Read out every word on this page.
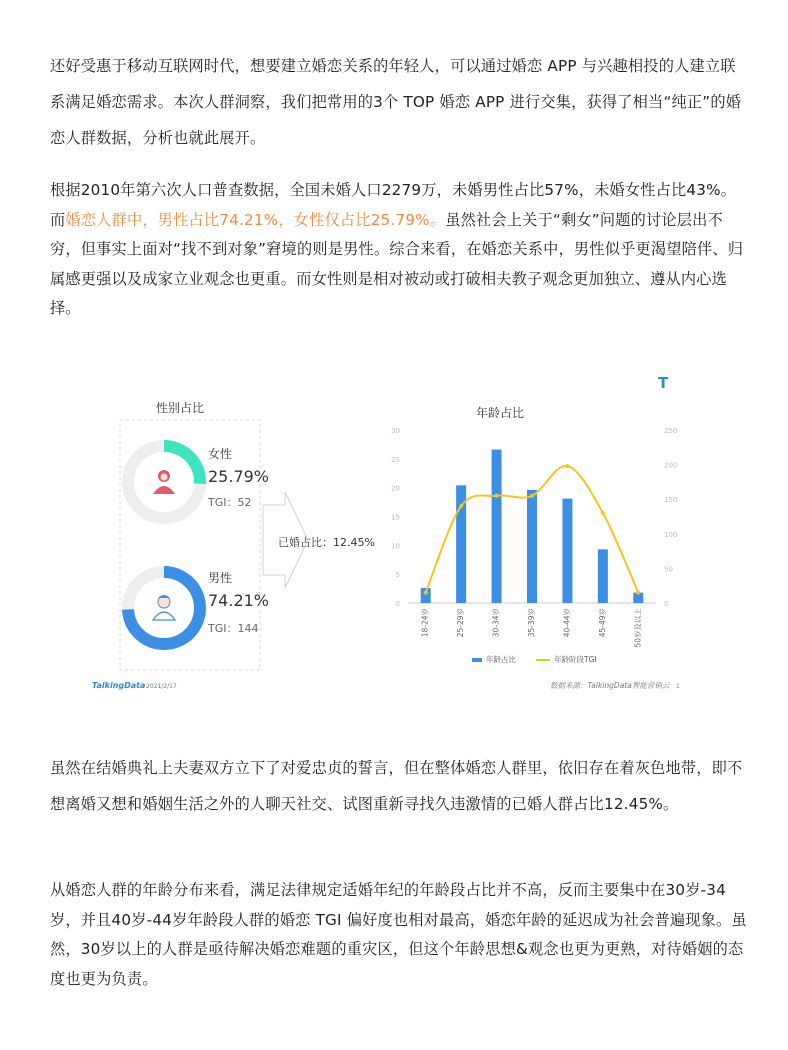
还好受惠于移动互联网时代，想要建立婚恋关系的年轻人，可以通过婚恋 APP 与兴趣相投的人建立联系满足婚恋需求。本次人群洞察，我们把常用的3个 TOP 婚恋 APP 进行交集，获得了相当“纯正”的婚恋人群数据，分析也就此展开。

根据2010年第六次人口普查数据，全国未婚人口2279万，未婚男性占比57%，未婚女性占比43%。而婚恋人群中，男性占比74.21%，女性仅占比25.79%。虽然社会上关于“剩女”问题的讨论层出不穷，但事实上面对“找不到对象”窘境的则是男性。综合来看，在婚恋关系中，男性似乎更渴望陪伴、归属感更强以及成家立业观念也更重。而女性则是相对被动或打破相夫教子观念更加独立、遵从内心选择。

性别占比
女性
25.79%
TGI：52
男性
74.21%
TGI：144
已婚占比：12.45%
年龄占比
0
5
10
15
20
25
30
0
50
100
150
200
250
18-24岁	25-29岁	30-34岁	35-39岁	40-44岁	45-49岁	50岁及以上
年龄占比	年龄阶段TGI
T
TalkingData 2021/2/17	数据来源：TalkingData智能营销云 1

虽然在结婚典礼上夫妻双方立下了对爱忠贞的誓言，但在整体婚恋人群里，依旧存在着灰色地带，即不想离婚又想和婚姻生活之外的人聊天社交、试图重新寻找久违激情的已婚人群占比12.45%。

从婚恋人群的年龄分布来看，满足法律规定适婚年纪的年龄段占比并不高，反而主要集中在30岁-34岁，并且40岁-44岁年龄段人群的婚恋 TGI 偏好度也相对最高，婚恋年龄的延迟成为社会普遍现象。虽然，30岁以上的人群是亟待解决婚恋难题的重灾区，但这个年龄思想&观念也更为更熟，对待婚姻的态度也更为负责。
